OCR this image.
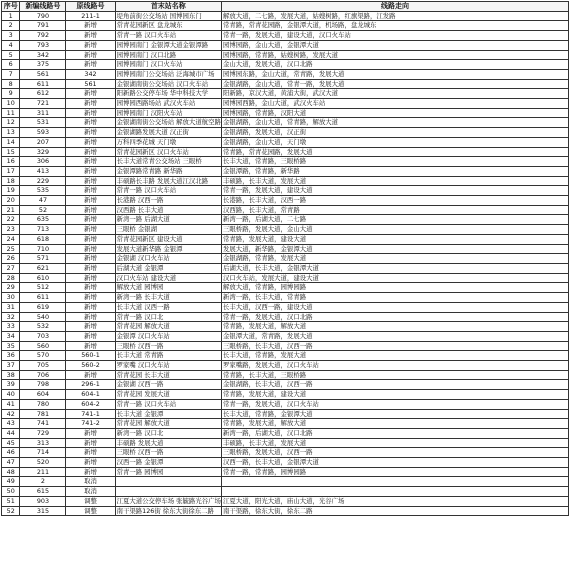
序号	新编线路号	原线路号	首末站名称	线路走向
1	790	211-1	堤角前街公交场站 国博园东门	解放大道，二七路，发展大道，姑嫂树路，红旗渠路，江发路
2	791	新增	常青花园新区 盘龙城东	常青路，常青花园路，金银潭大道，机场路，盘龙城东
3	792	新增	常青一路 汉口火车站	常青一路，发展大道，建设大道，汉口火车站
4	793	新增	园博园南门 金银潭大道金银潭路	园博园路，金山大道，金银潭大道
5	342	新增	园博园南门 汉口北路	园博园路，常青路，姑嫂树路，发展大道
6	375	新增	园博园南门 汉口火车站	金山大道，发展大道，汉口北路
7	561	342	园博园南门公交场站 泛海城市广场	园博园东路，金山大道，常青路，发展大道
8	611	561	金银湖南街公交场站 汉口火车站	金银湖路，金山大道，常青一路，发展大道
9	612	新增	阳新路公交停车场 华中科技大学	阳新路，京汉大道，黄浦大街，武汉大道
10	721	新增	园博园西路场站 武汉火车站	园博园西路，金山大道，武汉火车站
11	311	新增	园博园南门 汉阳火车站	园博园路，常青路，汉阳大道
12	531	新增	金银湖南街公交场站 解放大道航空路	金银湖路，金山大道，常青路，解放大道
13	593	新增	金银湖路发展大道 汉正街	金银湖路，发展大道，汉正街
14	207	新增	万科四季花城 天门墩	金银湖路，金山大道，天门墩
15	329	新增	常青花园新区 汉口火车站	常青路，常青花园路，发展大道
16	306	新增	长丰大道常青公交场站 三眼桥	长丰大道，常青路，三眼桥路
17	413	新增	金银潭路常青路 新华路	金银潭路，常青路，新华路
18	229	新增	丰硕路长丰路 发展大道江汉北路	丰硕路，长丰大道，发展大道
19	535	新增	常青一路 汉口火车站	常青一路，发展大道，建设大道
20	47	新增	长港路 汉西一路	长港路，长丰大道，汉西一路
21	52	新增	汉西路 长丰大道	汉西路，长丰大道，常青路
22	635	新增	新湾一路 后湖大道	新湾一路，后湖大道，二七路
23	713	新增	三眼桥 金银湖	三眼桥路，发展大道，金山大道
24	618	新增	常青花园新区 建设大道	常青路，发展大道，建设大道
25	710	新增	发展大道新华路 金银潭	发展大道，新华路，金银潭大道
26	571	新增	金银湖 汉口火车站	金银湖路，常青路，发展大道
27	621	新增	后湖大道 金银潭	后湖大道，长丰大道，金银潭大道
28	610	新增	汉口火车站 建设大道	汉口火车站，发展大道，建设大道
29	512	新增	解放大道 园博园	解放大道，常青路，园博园路
30	611	新增	新湾一路 长丰大道	新湾一路，长丰大道，常青路
31	619	新增	长丰大道 汉西一路	长丰大道，汉西一路，建设大道
32	540	新增	常青一路 汉口北	常青一路，发展大道，汉口北路
33	532	新增	常青花园 解放大道	常青路，发展大道，解放大道
34	703	新增	金银潭 汉口火车站	金银潭大道，常青路，发展大道
35	560	新增	三眼桥 汉西一路	三眼桥路，长丰大道，汉西一路
36	570	560-1	长丰大道 常青路	长丰大道，常青路，发展大道
37	705	560-2	罗家嘴 汉口火车站	罗家嘴路，发展大道，汉口火车站
38	706	新增	常青花园 长丰大道	常青路，长丰大道，三眼桥路
39	798	296-1	金银湖 汉西一路	金银湖路，长丰大道，汉西一路
40	604	604-1	常青花园 发展大道	常青路，发展大道，建设大道
41	780	604-2	常青一路 汉口火车站	常青一路，发展大道，汉口火车站
42	781	741-1	长丰大道 金银潭	长丰大道，常青路，金银潭大道
43	741	741-2	常青花园 解放大道	常青路，发展大道，解放大道
44	729	新增	新湾一路 汉口北	新湾一路，后湖大道，汉口北路
45	313	新增	丰硕路 发展大道	丰硕路，长丰大道，发展大道
46	714	新增	三眼桥 汉西一路	三眼桥路，发展大道，汉西一路
47	520	新增	汉西一路 金银潭	汉西一路，长丰大道，金银潭大道
48	211	新增	常青一路 园博园	常青一路，常青路，园博园路
49	2	取消		
50	615	取消		
51	903	调整	江夏大道公交停车场 张毓路光谷广场	江夏大道，阳光大道，庙山大道，光谷广场
52	315	调整	南干渠路126街 徐东大街徐东二路	南干渠路，徐东大街，徐东二路
